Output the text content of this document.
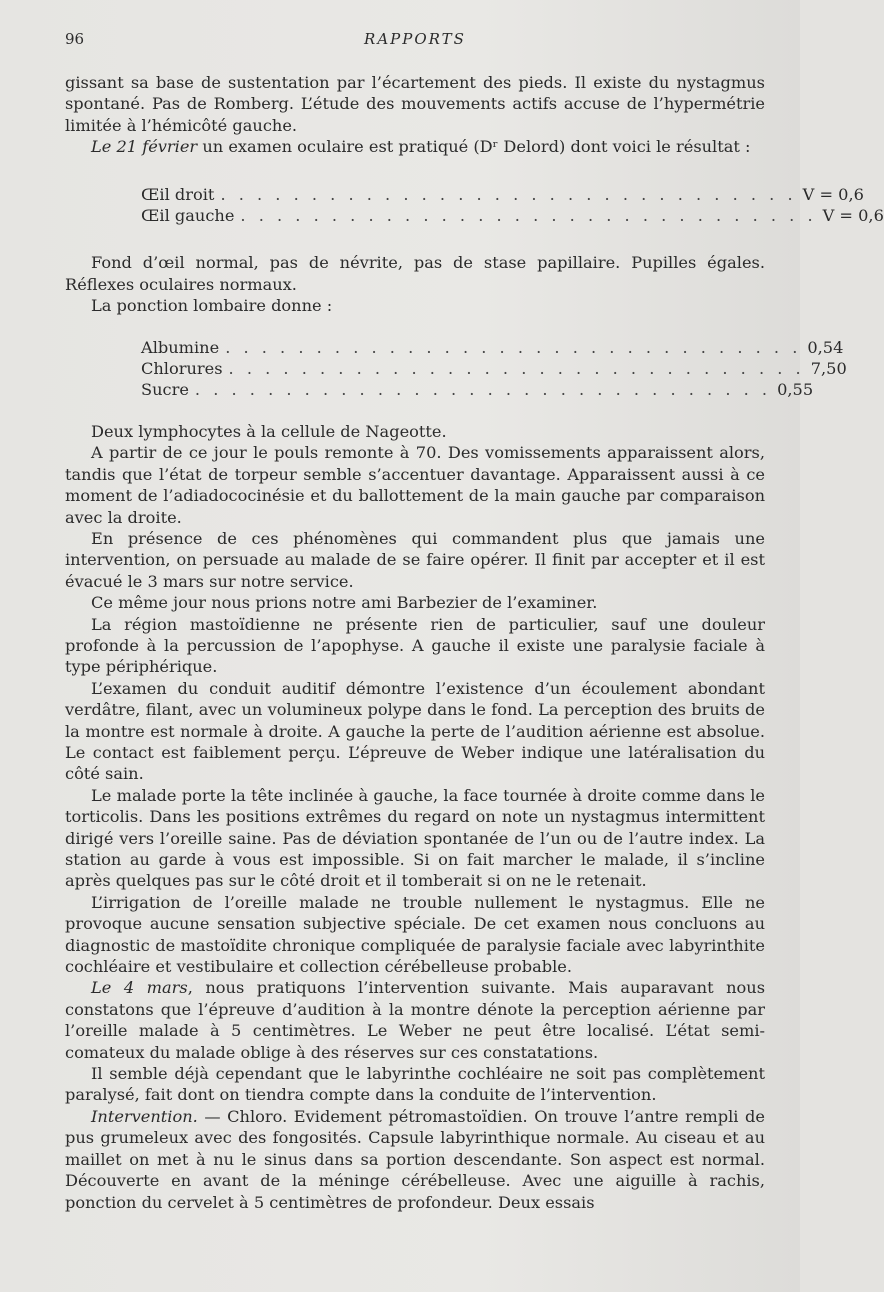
96	RAPPORTS

gissant sa base de sustentation par l’écartement des pieds. Il existe du nystagmus spontané. Pas de Romberg. L’étude des mouvements actifs accuse de l’hypermétrie limitée à l’hémicôté gauche.

Le 21 février un examen oculaire est pratiqué (Dʳ Delord) dont voici le résultat :

Œil droit . . . . . . . . . . . . . . . . . . . . . . . . . . . . . . . . V = 0,6
Œil gauche . . . . . . . . . . . . . . . . . . . . . . . . . . . . . . . . V = 0,6

Fond d’œil normal, pas de névrite, pas de stase papillaire. Pupilles égales. Réflexes oculaires normaux.

La ponction lombaire donne :

Albumine . . . . . . . . . . . . . . . . . . . . . . . . . . . . . . . . 0,54
Chlorures . . . . . . . . . . . . . . . . . . . . . . . . . . . . . . . . 7,50
Sucre . . . . . . . . . . . . . . . . . . . . . . . . . . . . . . . . 0,55

Deux lymphocytes à la cellule de Nageotte.

A partir de ce jour le pouls remonte à 70. Des vomissements apparaissent alors, tandis que l’état de torpeur semble s’accentuer davantage. Apparaissent aussi à ce moment de l’adiadococinésie et du ballottement de la main gauche par comparaison avec la droite.

En présence de ces phénomènes qui commandent plus que jamais une intervention, on persuade au malade de se faire opérer. Il finit par accepter et il est évacué le 3 mars sur notre service.

Ce même jour nous prions notre ami Barbezier de l’examiner.

La région mastoïdienne ne présente rien de particulier, sauf une douleur profonde à la percussion de l’apophyse. A gauche il existe une paralysie faciale à type périphérique.

L’examen du conduit auditif démontre l’existence d’un écoulement abondant verdâtre, filant, avec un volumineux polype dans le fond. La perception des bruits de la montre est normale à droite. A gauche la perte de l’audition aérienne est absolue. Le contact est faiblement perçu. L’épreuve de Weber indique une latéralisation du côté sain.

Le malade porte la tête inclinée à gauche, la face tournée à droite comme dans le torticolis. Dans les positions extrêmes du regard on note un nystagmus intermittent dirigé vers l’oreille saine. Pas de déviation spontanée de l’un ou de l’autre index. La station au garde à vous est impossible. Si on fait marcher le malade, il s’incline après quelques pas sur le côté droit et il tomberait si on ne le retenait.

L’irrigation de l’oreille malade ne trouble nullement le nystagmus. Elle ne provoque aucune sensation subjective spéciale. De cet examen nous concluons au diagnostic de mastoïdite chronique compliquée de paralysie faciale avec labyrinthite cochléaire et vestibulaire et collection cérébelleuse probable.

Le 4 mars, nous pratiquons l’intervention suivante. Mais auparavant nous constatons que l’épreuve d’audition à la montre dénote la perception aérienne par l’oreille malade à 5 centimètres. Le Weber ne peut être localisé. L’état semi-comateux du malade oblige à des réserves sur ces constatations.

Il semble déjà cependant que le labyrinthe cochléaire ne soit pas complètement paralysé, fait dont on tiendra compte dans la conduite de l’intervention.

Intervention. — Chloro. Evidement pétromastoïdien. On trouve l’antre rempli de pus grumeleux avec des fongosités. Capsule labyrinthique normale. Au ciseau et au maillet on met à nu le sinus dans sa portion descendante. Son aspect est normal. Découverte en avant de la méninge cérébelleuse. Avec une aiguille à rachis, ponction du cervelet à 5 centimètres de profondeur. Deux essais
